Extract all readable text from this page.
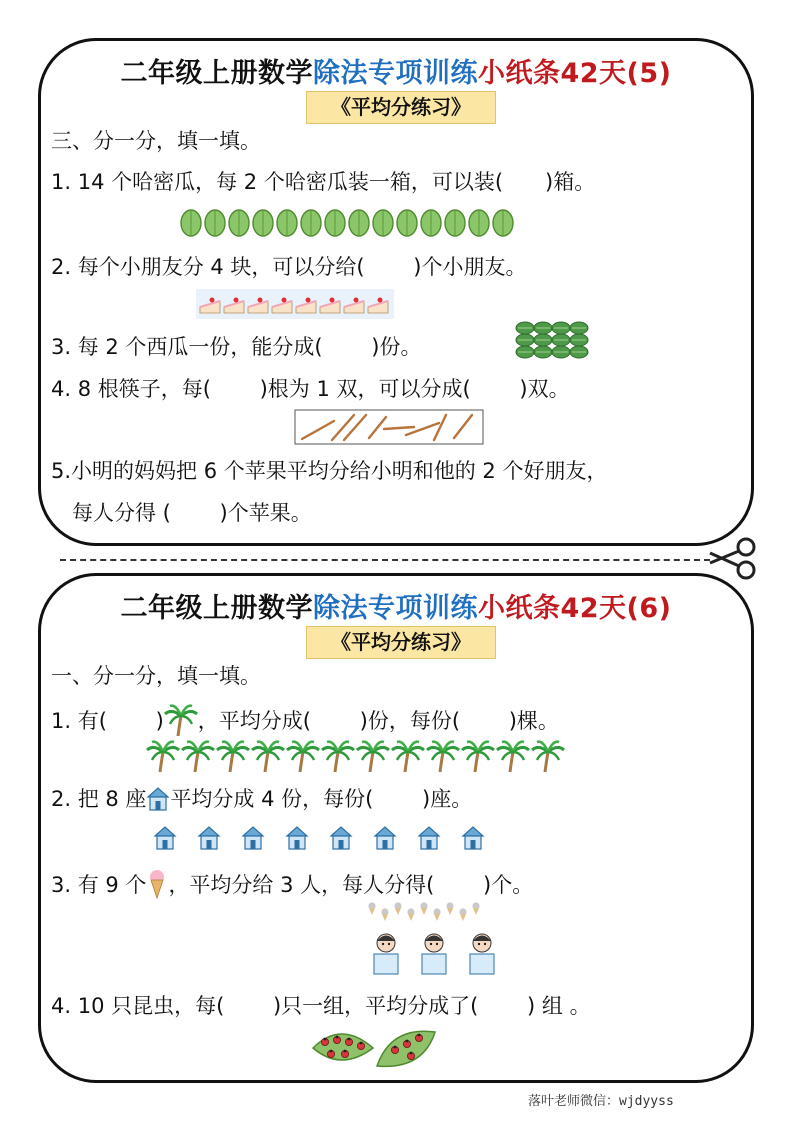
二年级上册数学除法专项训练小纸条42天(5)
《平均分练习》
三、分一分，填一填。
1. 14 个哈密瓜，每 2 个哈密瓜装一箱，可以装(　　)箱。
2. 每个小朋友分 4 块，可以分给(　　 )个小朋友。
3. 每 2 个西瓜一份，能分成(　　 )份。
4. 8 根筷子，每(　　 )根为 1 双，可以分成(　　 )双。
5.小明的妈妈把 6 个苹果平均分给小明和他的 2 个好朋友，
　每人分得 (　　 )个苹果。
二年级上册数学除法专项训练小纸条42天(6)
《平均分练习》
一、分一分，填一填。
1. 有(　　 ) ，平均分成(　　 )份，每份(　　 )棵。
2. 把 8 座 平均分成 4 份，每份(　　 )座。
3. 有 9 个 ，平均分给 3 人，每人分得(　　 )个。
4. 10 只昆虫，每(　　 )只一组，平均分成了(　　 ) 组 。
落叶老师微信：wjdyyss
